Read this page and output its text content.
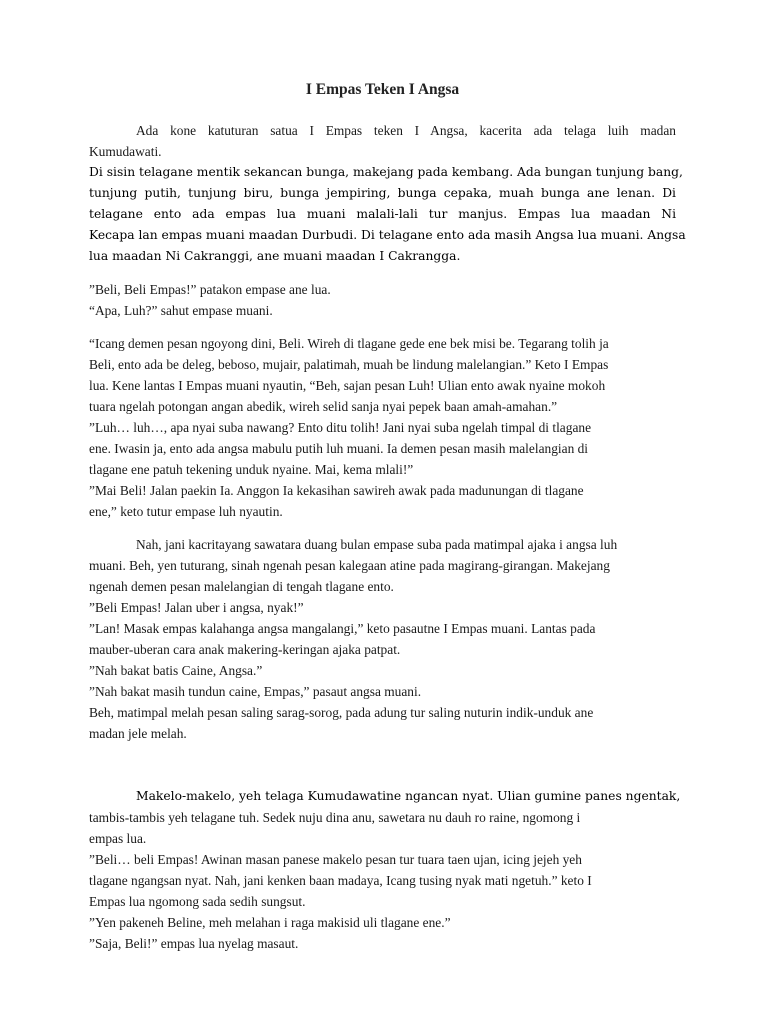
I Empas Teken I Angsa
Ada kone katuturan satua I Empas teken I Angsa, kacerita ada telaga luih madan
Kumudawati.
Di sisin telagane mentik sekancan bunga, makejang pada kembang. Ada bungan tunjung bang,
tunjung putih, tunjung biru, bunga jempiring, bunga cepaka, muah bunga ane lenan. Di
telagane ento ada empas lua muani malali-lali tur manjus. Empas lua maadan Ni
Kecapa lan empas muani maadan Durbudi. Di telagane ento ada masih Angsa lua muani. Angsa
lua maadan Ni Cakranggi, ane muani maadan I Cakrangga.
”Beli, Beli Empas!” patakon empase ane lua.
“Apa, Luh?” sahut empase muani.
“Icang demen pesan ngoyong dini, Beli. Wireh di tlagane gede ene bek misi be. Tegarang tolih ja
Beli, ento ada be deleg, beboso, mujair, palatimah, muah be lindung malelangian.” Keto I Empas
lua. Kene lantas I Empas muani nyautin, “Beh, sajan pesan Luh! Ulian ento awak nyaine mokoh
tuara ngelah potongan angan abedik, wireh selid sanja nyai pepek baan amah-amahan.”
”Luh… luh…, apa nyai suba nawang? Ento ditu tolih! Jani nyai suba ngelah timpal di tlagane
ene. Iwasin ja, ento ada angsa mabulu putih luh muani. Ia demen pesan masih malelangian di
tlagane ene patuh tekening unduk nyaine. Mai, kema mlali!”
”Mai Beli! Jalan paekin Ia. Anggon Ia kekasihan sawireh awak pada madunungan di tlagane
ene,” keto tutur empase luh nyautin.
Nah, jani kacritayang sawatara duang bulan empase suba pada matimpal ajaka i angsa luh
muani. Beh, yen tuturang, sinah ngenah pesan kalegaan atine pada magirang-girangan. Makejang
ngenah demen pesan malelangian di tengah tlagane ento.
”Beli Empas! Jalan uber i angsa, nyak!”
”Lan! Masak empas kalahanga angsa mangalangi,” keto pasautne I Empas muani. Lantas pada
mauber-uberan cara anak makering-keringan ajaka patpat.
”Nah bakat batis Caine, Angsa.”
”Nah bakat masih tundun caine, Empas,” pasaut angsa muani.
Beh, matimpal melah pesan saling sarag-sorog, pada adung tur saling nuturin indik-unduk ane
madan jele melah.
Makelo-makelo, yeh telaga Kumudawatine ngancan nyat. Ulian gumine panes ngentak,
tambis-tambis yeh telagane tuh. Sedek nuju dina anu, sawetara nu dauh ro raine, ngomong i
empas lua.
”Beli… beli Empas! Awinan masan panese makelo pesan tur tuara taen ujan, icing jejeh yeh
tlagane ngangsan nyat. Nah, jani kenken baan madaya, Icang tusing nyak mati ngetuh.” keto I
Empas lua ngomong sada sedih sungsut.
”Yen pakeneh Beline, meh melahan i raga makisid uli tlagane ene.”
”Saja, Beli!” empas lua nyelag masaut.
